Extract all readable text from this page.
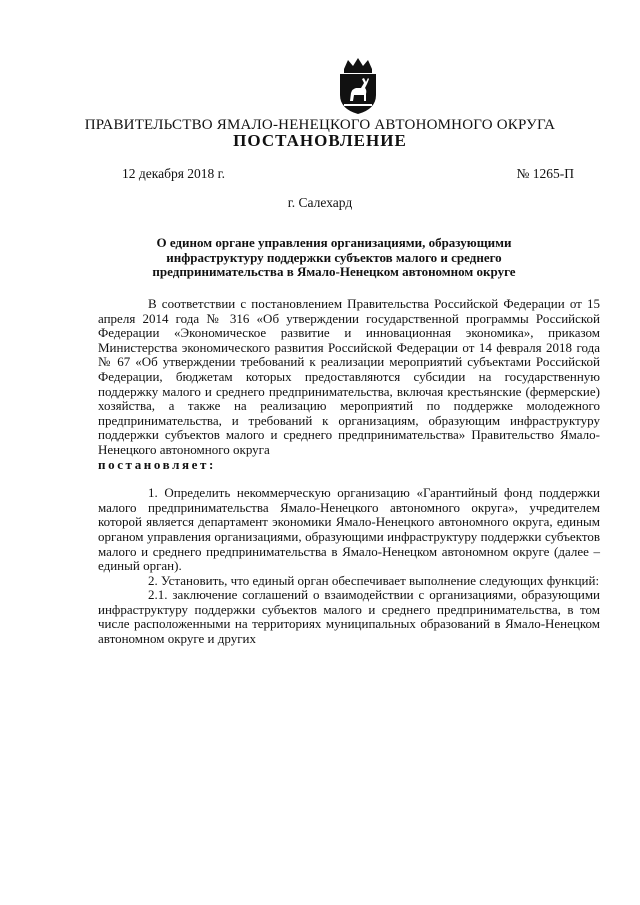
ПРАВИТЕЛЬСТВО ЯМАЛО-НЕНЕЦКОГО АВТОНОМНОГО ОКРУГА
ПОСТАНОВЛЕНИЕ
12 декабря 2018 г.	№ 1265-П
г. Салехард
О едином органе управления организациями, образующими инфраструктуру поддержки субъектов малого и среднего предпринимательства в Ямало-Ненецком автономном округе

В соответствии с постановлением Правительства Российской Федерации от 15 апреля 2014 года № 316 «Об утверждении государственной программы Российской Федерации «Экономическое развитие и инновационная экономика», приказом Министерства экономического развития Российской Федерации от 14 февраля 2018 года № 67 «Об утверждении требований к реализации мероприятий субъектами Российской Федерации, бюджетам которых предоставляются субсидии на государственную поддержку малого и среднего предпринимательства, включая крестьянские (фермерские) хозяйства, а также на реализацию мероприятий по поддержке молодежного предпринимательства, и требований к организациям, образующим инфраструктуру поддержки субъектов малого и среднего предпринимательства» Правительство Ямало-Ненецкого автономного округа
постановляет:

1. Определить некоммерческую организацию «Гарантийный фонд поддержки малого предпринимательства Ямало-Ненецкого автономного округа», учредителем которой является департамент экономики Ямало-Ненецкого автономного округа, единым органом управления организациями, образующими инфраструктуру поддержки субъектов малого и среднего предпринимательства в Ямало-Ненецком автономном округе (далее – единый орган).

2. Установить, что единый орган обеспечивает выполнение следующих функций:

2.1. заключение соглашений о взаимодействии с организациями, образующими инфраструктуру поддержки субъектов малого и среднего предпринимательства, в том числе расположенными на территориях муниципальных образований в Ямало-Ненецком автономном округе и других
